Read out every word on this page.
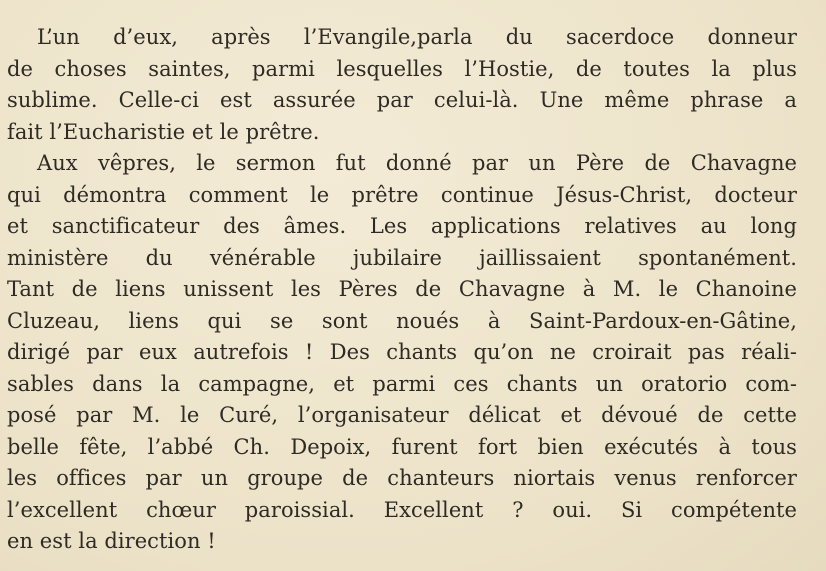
L’un d’eux, après l’Evangile,parla du sacerdoce donneur
de choses saintes, parmi lesquelles l’Hostie, de toutes la plus
sublime. Celle-ci est assurée par celui-là. Une même phrase a
fait l’Eucharistie et le prêtre.
Aux vêpres, le sermon fut donné par un Père de Chavagne
qui démontra comment le prêtre continue Jésus-Christ, docteur
et sanctificateur des âmes. Les applications relatives au long
ministère du vénérable jubilaire jaillissaient spontanément.
Tant de liens unissent les Pères de Chavagne à M. le Chanoine
Cluzeau, liens qui se sont noués à Saint-Pardoux-en-Gâtine,
dirigé par eux autrefois ! Des chants qu’on ne croirait pas réali-
sables dans la campagne, et parmi ces chants un oratorio com-
posé par M. le Curé, l’organisateur délicat et dévoué de cette
belle fête, l’abbé Ch. Depoix, furent fort bien exécutés à tous
les offices par un groupe de chanteurs niortais venus renforcer
l’excellent chœur paroissial. Excellent ? oui. Si compétente
en est la direction !
